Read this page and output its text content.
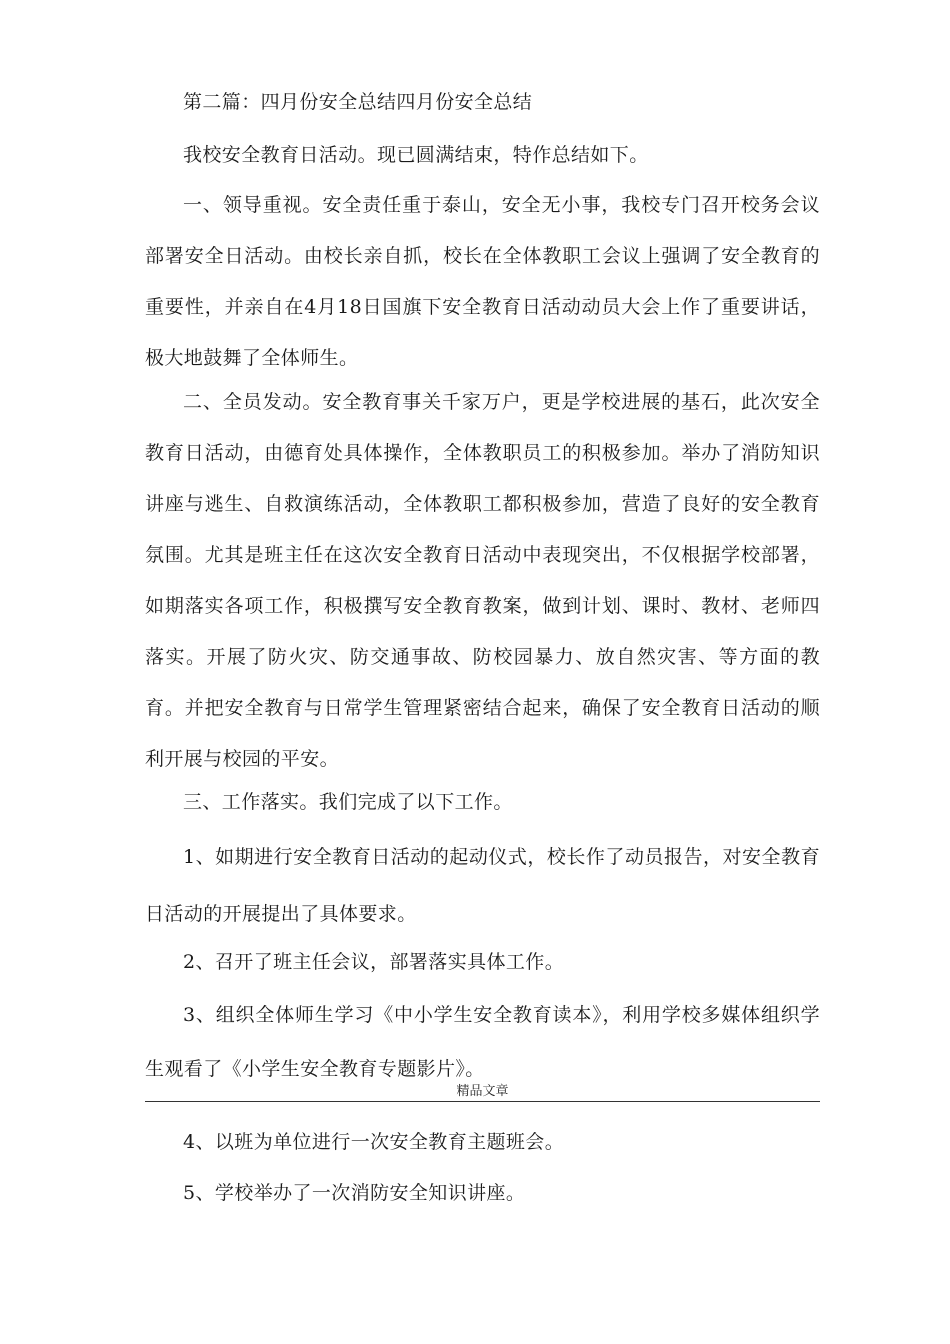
第二篇：四月份安全总结四月份安全总结

我校安全教育日活动。现已圆满结束，特作总结如下。

一、领导重视。安全责任重于泰山，安全无小事，我校专门召开校务会议部署安全日活动。由校长亲自抓，校长在全体教职工会议上强调了安全教育的重要性，并亲自在4月18日国旗下安全教育日活动动员大会上作了重要讲话，极大地鼓舞了全体师生。

二、全员发动。安全教育事关千家万户，更是学校进展的基石，此次安全教育日活动，由德育处具体操作，全体教职员工的积极参加。举办了消防知识讲座与逃生、自救演练活动，全体教职工都积极参加，营造了良好的安全教育氛围。尤其是班主任在这次安全教育日活动中表现突出，不仅根据学校部署，如期落实各项工作，积极撰写安全教育教案，做到计划、课时、教材、老师四落实。开展了防火灾、防交通事故、防校园暴力、放自然灾害、等方面的教育。并把安全教育与日常学生管理紧密结合起来，确保了安全教育日活动的顺利开展与校园的平安。

三、工作落实。我们完成了以下工作。

1、如期进行安全教育日活动的起动仪式，校长作了动员报告，对安全教育日活动的开展提出了具体要求。

2、召开了班主任会议，部署落实具体工作。

3、组织全体师生学习《中小学生安全教育读本》，利用学校多媒体组织学生观看了《小学生安全教育专题影片》。

精品文章

4、以班为单位进行一次安全教育主题班会。

5、学校举办了一次消防安全知识讲座。
